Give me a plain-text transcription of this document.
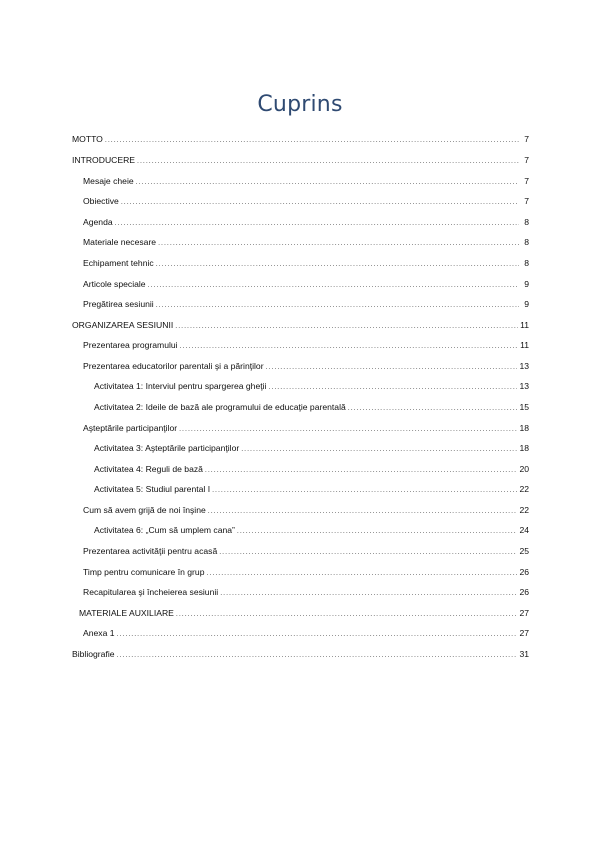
Cuprins
MOTTO .....	7
INTRODUCERE .....	7
Mesaje cheie .....	7
Obiective .....	7
Agenda .....	8
Materiale necesare .....	8
Echipament tehnic .....	8
Articole speciale .....	9
Pregătirea sesiunii .....	9
ORGANIZAREA SESIUNII .....	11
Prezentarea programului .....	11
Prezentarea educatorilor parentali şi a părinţilor .....	13
Activitatea 1: Interviul pentru spargerea gheţii .....	13
Activitatea 2: Ideile de bază ale programului de educaţie parentală .....	15
Aşteptările participanţilor .....	18
Activitatea 3: Aşteptările participanţilor .....	18
Activitatea 4: Reguli de bază .....	20
Activitatea 5: Studiul parental I .....	22
Cum să avem grijă de noi înşine .....	22
Activitatea 6: „Cum să umplem cana” .....	24
Prezentarea activităţii pentru acasă .....	25
Timp pentru comunicare în grup .....	26
Recapitularea şi încheierea sesiunii .....	26
MATERIALE AUXILIARE .....	27
Anexa 1 .....	27
Bibliografie .....	31
